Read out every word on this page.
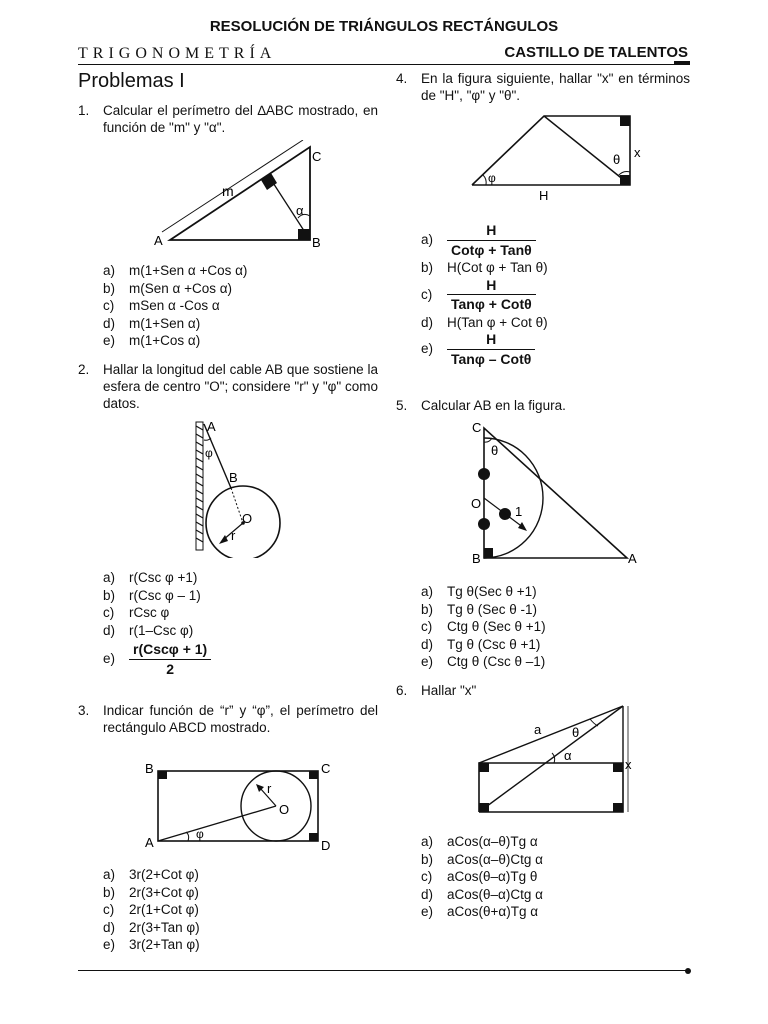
RESOLUCIÓN DE TRIÁNGULOS RECTÁNGULOS
TRIGONOMETRÍA	CASTILLO DE TALENTOS
Problemas I
1. Calcular el perímetro del ∆ABC mostrado, en función de "m" y "α".
A	B
C
m
α
a) m(1+Sen α +Cos α)
b) m(Sen α +Cos α)
c) mSen α -Cos α
d) m(1+Sen α)
e) m(1+Cos α)
2. Hallar la longitud del cable AB que sostiene la esfera de centro "O"; considere "r" y "φ" como datos.
A
B
O
r
φ
a) r(Csc φ +1)
b) r(Csc φ – 1)
c) rCsc φ
d) r(1–Csc φ)
$e) \frac{\text{r(Cscφ + 1)}}{2}$
3. Indicar función de “r” y “φ”, el perímetro del rectángulo ABCD mostrado.
B	C
A	D
O
r
φ
a) 3r(2+Cot φ)
b) 2r(3+Cot φ)
c) 2r(1+Cot φ)
d) 2r(3+Tan φ)
e) 3r(2+Tan φ)
4. En la figura siguiente, hallar "x" en términos de "H", "φ" y "θ".
φ
θ
H
x
$a) \frac{H}{\text{Cotφ + Tanθ}}$
b) H(Cot φ + Tan θ)
$c) \frac{H}{\text{Tanφ + Cotθ}}$
d) H(Tan φ + Cot θ)
$e) \frac{H}{\text{Tanφ – Cotθ}}$
5. Calcular AB en la figura.
C
θ
O
1
B	A
a) Tg θ(Sec θ +1)
b) Tg θ (Sec θ -1)
c) Ctg θ (Sec θ +1)
d) Tg θ (Csc θ +1)
e) Ctg θ (Csc θ –1)
6. Hallar "x"
a θ
α
x
a) aCos(α–θ)Tg α
b) aCos(α–θ)Ctg α
c) aCos(θ–α)Tg θ
d) aCos(θ–α)Ctg α
e) aCos(θ+α)Tg α
